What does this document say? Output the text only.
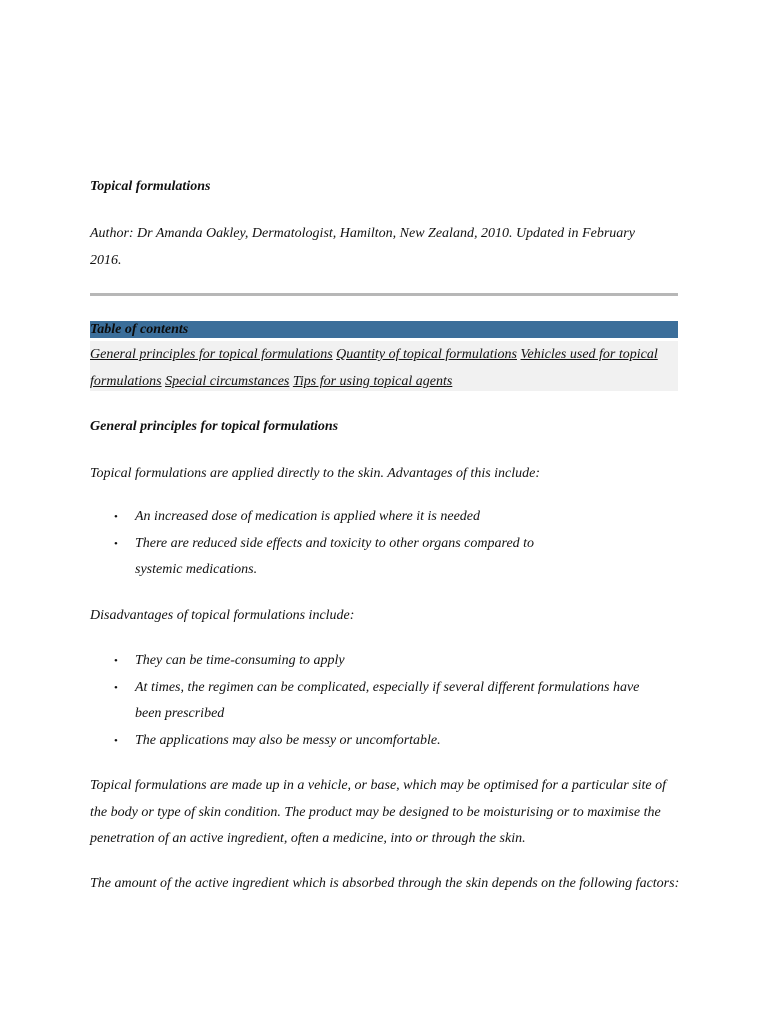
Topical formulations
Author: Dr Amanda Oakley, Dermatologist, Hamilton, New Zealand, 2010. Updated in February
2016.
Table of contents
General principles for topical formulations Quantity of topical formulations Vehicles used for topical formulations Special circumstances Tips for using topical agents
General principles for topical formulations
Topical formulations are applied directly to the skin. Advantages of this include:
• An increased dose of medication is applied where it is needed
• There are reduced side effects and toxicity to other organs compared to systemic medications.
Disadvantages of topical formulations include:
• They can be time-consuming to apply
• At times, the regimen can be complicated, especially if several different formulations have been prescribed
• The applications may also be messy or uncomfortable.
Topical formulations are made up in a vehicle, or base, which may be optimised for a particular site of the body or type of skin condition. The product may be designed to be moisturising or to maximise the penetration of an active ingredient, often a medicine, into or through the skin.
The amount of the active ingredient which is absorbed through the skin depends on the following factors:
